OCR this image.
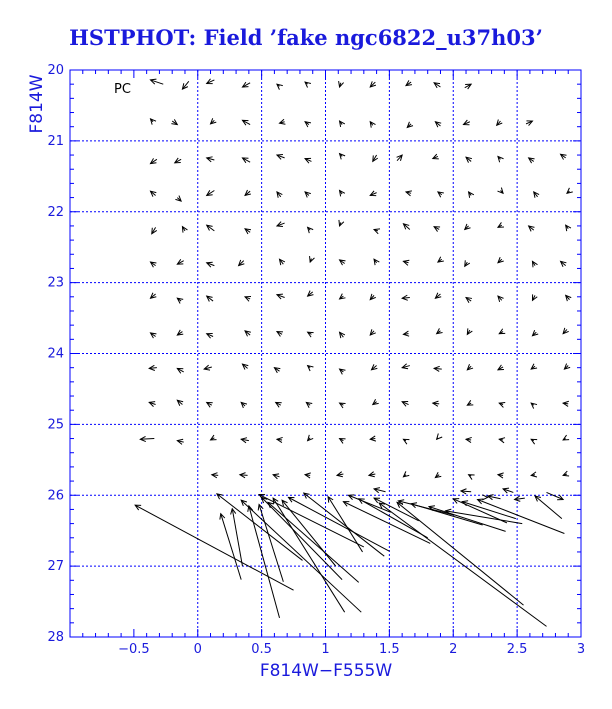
HSTPHOT: Field ’fake ngc6822_u37h03’
−0.5	0	0.5	1	1.5	2	2.5	3
20
21
22
23
24
25
26
27
28
PC
F814W−F555W
F814W
